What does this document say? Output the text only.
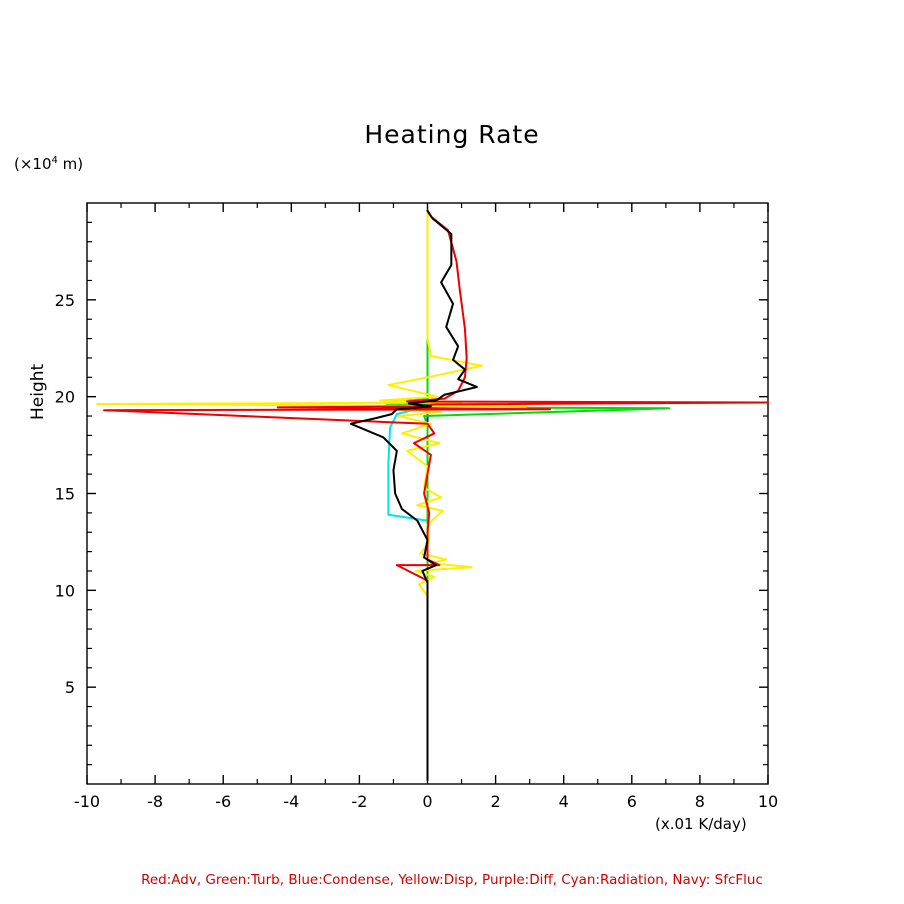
($\times 10^4$ m)
Heating Rate
Height
(x.01 K/day)
-10	-8	-6	-4	-2	0	2	4	6	8	10
5
10
15
20
25
Red:Adv, Green:Turb, Blue:Condense, Yellow:Disp, Purple:Diff, Cyan:Radiation, Navy: SfcFluc
